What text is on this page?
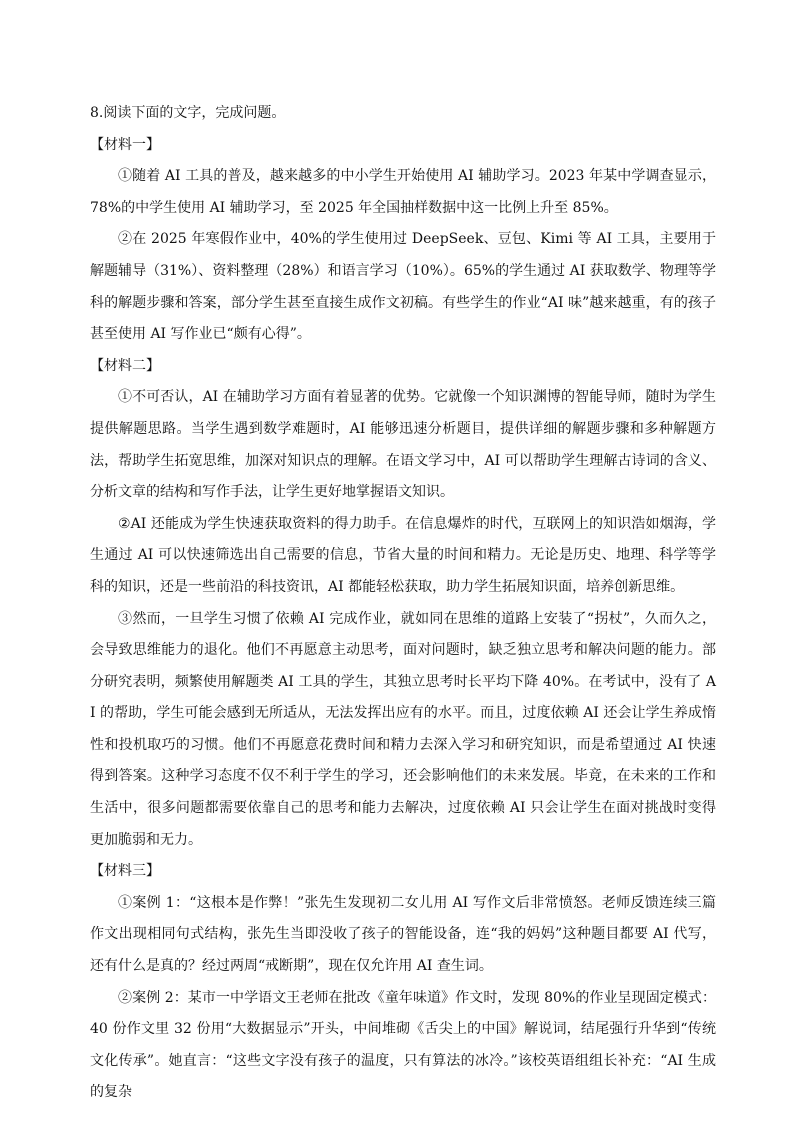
8.阅读下面的文字，完成问题。

【材料一】

①随着 AI 工具的普及，越来越多的中小学生开始使用 AI 辅助学习。2023 年某中学调查显示，78%的中学生使用 AI 辅助学习，至 2025 年全国抽样数据中这一比例上升至 85%。

②在 2025 年寒假作业中，40%的学生使用过 DeepSeek、豆包、Kimi 等 AI 工具，主要用于解题辅导（31%）、资料整理（28%）和语言学习（10%）。65%的学生通过 AI 获取数学、物理等学科的解题步骤和答案，部分学生甚至直接生成作文初稿。有些学生的作业“AI 味”越来越重，有的孩子甚至使用 AI 写作业已“颇有心得”。

【材料二】

①不可否认，AI 在辅助学习方面有着显著的优势。它就像一个知识渊博的智能导师，随时为学生提供解题思路。当学生遇到数学难题时，AI 能够迅速分析题目，提供详细的解题步骤和多种解题方法，帮助学生拓宽思维，加深对知识点的理解。在语文学习中，AI 可以帮助学生理解古诗词的含义、分析文章的结构和写作手法，让学生更好地掌握语文知识。

②AI 还能成为学生快速获取资料的得力助手。在信息爆炸的时代，互联网上的知识浩如烟海，学生通过 AI 可以快速筛选出自己需要的信息，节省大量的时间和精力。无论是历史、地理、科学等学科的知识，还是一些前沿的科技资讯，AI 都能轻松获取，助力学生拓展知识面，培养创新思维。

③然而，一旦学生习惯了依赖 AI 完成作业，就如同在思维的道路上安装了“拐杖”，久而久之，会导致思维能力的退化。他们不再愿意主动思考，面对问题时，缺乏独立思考和解决问题的能力。部分研究表明，频繁使用解题类 AI 工具的学生，其独立思考时长平均下降 40%。在考试中，没有了 AI 的帮助，学生可能会感到无所适从，无法发挥出应有的水平。而且，过度依赖 AI 还会让学生养成惰性和投机取巧的习惯。他们不再愿意花费时间和精力去深入学习和研究知识，而是希望通过 AI 快速得到答案。这种学习态度不仅不利于学生的学习，还会影响他们的未来发展。毕竟，在未来的工作和生活中，很多问题都需要依靠自己的思考和能力去解决，过度依赖 AI 只会让学生在面对挑战时变得更加脆弱和无力。

【材料三】

①案例 1：“这根本是作弊！”张先生发现初二女儿用 AI 写作文后非常愤怒。老师反馈连续三篇作文出现相同句式结构，张先生当即没收了孩子的智能设备，连“我的妈妈”这种题目都要 AI 代写，还有什么是真的？经过两周“戒断期”，现在仅允许用 AI 查生词。

②案例 2：某市一中学语文王老师在批改《童年味道》作文时，发现 80%的作业呈现固定模式：40 份作文里 32 份用“大数据显示”开头，中间堆砌《舌尖上的中国》解说词，结尾强行升华到“传统文化传承”。她直言：“这些文字没有孩子的温度，只有算法的冰冷。”该校英语组组长补充：“AI 生成的复杂
